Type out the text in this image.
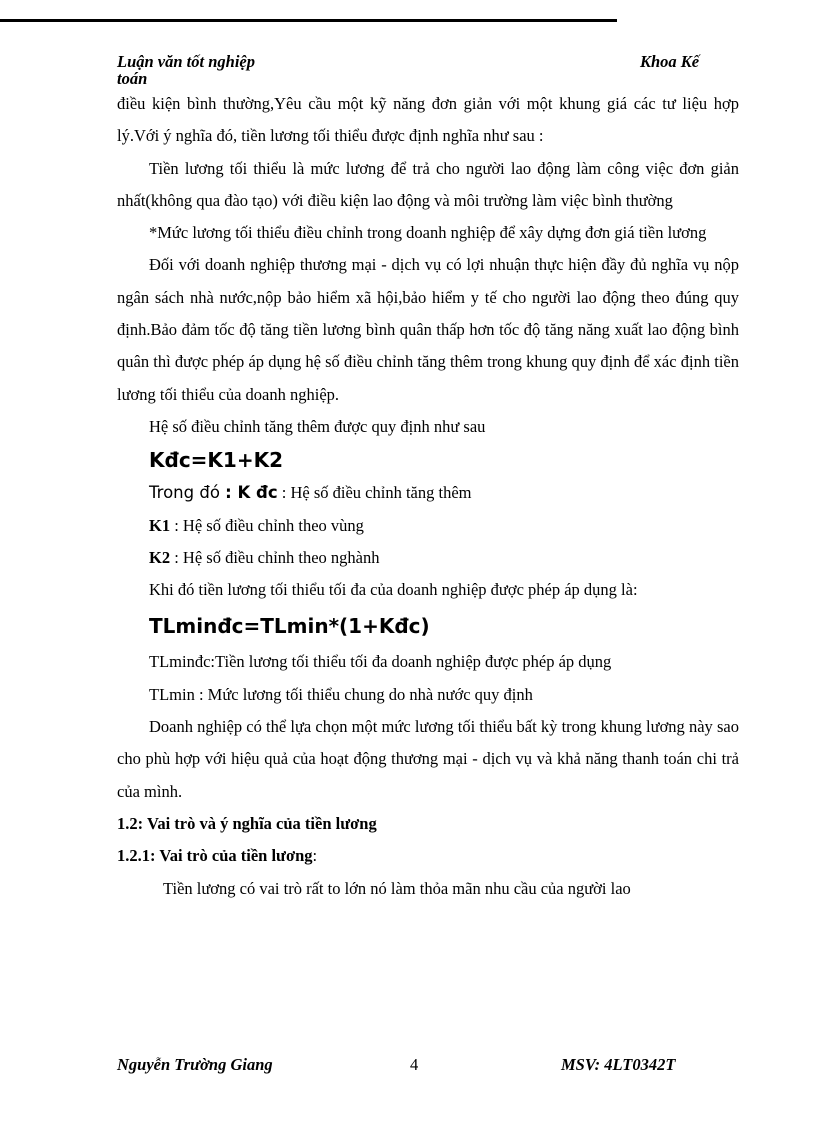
Luận văn tốt nghiệp
toán
Khoa Kế

điều kiện bình thường,Yêu cầu một kỹ năng đơn giản với một khung giá các tư liệu hợp lý.Với ý nghĩa đó, tiền lương tối thiểu được định nghĩa như sau :

Tiền lương tối thiểu là mức lương để trả cho người lao động làm công việc đơn giản nhất(không qua đào tạo) với điều kiện lao động và môi trường làm việc bình thường

*Mức lương tối thiểu điều chỉnh trong doanh nghiệp để xây dựng đơn giá tiền lương

Đối với doanh nghiệp thương mại - dịch vụ có lợi nhuận thực hiện đầy đủ nghĩa vụ nộp ngân sách nhà nước,nộp bảo hiểm xã hội,bảo hiểm y tế cho người lao động theo đúng quy định.Bảo đảm tốc độ tăng tiền lương bình quân thấp hơn tốc độ tăng năng xuất lao động bình quân thì được phép áp dụng hệ số điều chỉnh tăng thêm trong khung quy định để xác định tiền lương tối thiểu của doanh nghiệp.

Hệ số điều chỉnh tăng thêm được quy định như sau

Kđc=K1+K2

Trong đó : K đc : Hệ số điều chỉnh tăng thêm

K1 : Hệ số điều chỉnh theo vùng

K2 : Hệ số điều chỉnh theo nghành

Khi đó tiền lương tối thiểu tối đa của doanh nghiệp được phép áp dụng là:

TLminđc=TLmin*(1+Kđc)

TLminđc:Tiền lương tối thiểu tối đa doanh nghiệp được phép áp dụng

TLmin : Mức lương tối thiểu chung do nhà nước quy định

Doanh nghiệp có thể lựa chọn một mức lương tối thiểu bất kỳ trong khung lương này sao cho phù hợp với hiệu quả của hoạt động thương mại - dịch vụ và khả năng thanh toán chi trả của mình.

1.2: Vai trò và ý nghĩa của tiền lương

1.2.1: Vai trò của tiền lương:

Tiền lương có vai trò rất to lớn nó làm thỏa mãn nhu cầu của người lao

Nguyễn Trường Giang	4	MSV: 4LT0342T
